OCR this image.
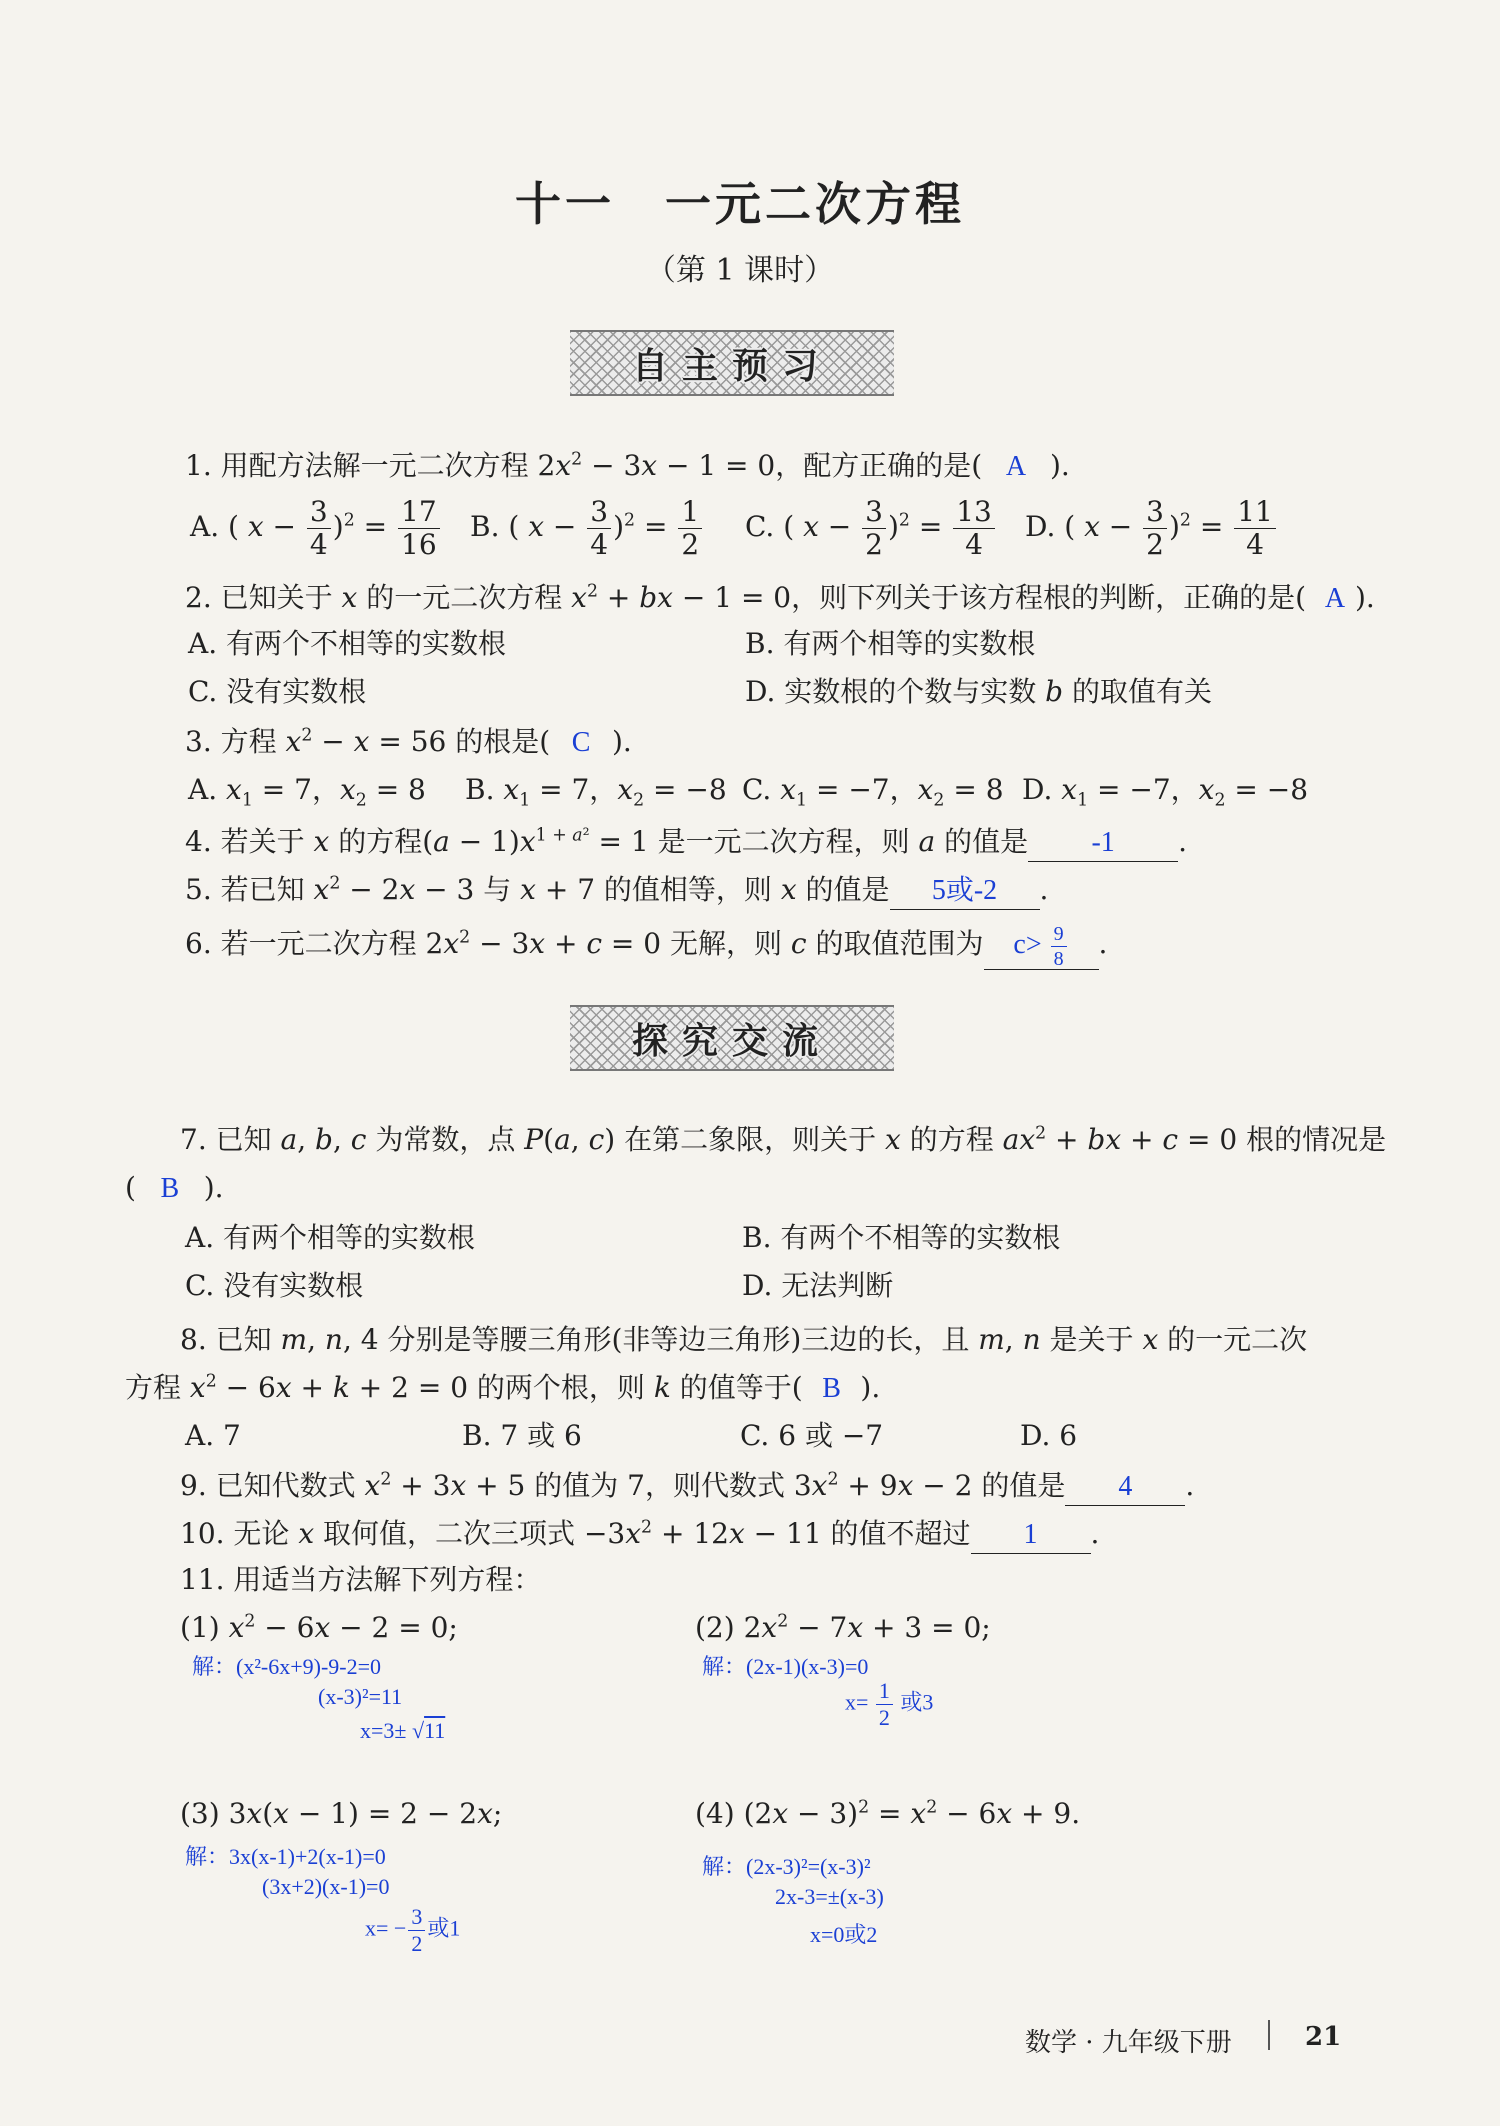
十一　一元二次方程
（第 1 课时）
自主预习
1. 用配方法解一元二次方程 $2x^2 - 3x - 1 = 0$，配方正确的是( A ).
A. ( $x - \frac{3}{4} )^2 = \frac{17}{16} B$. ( $x - \frac{3}{4} )^2 = \frac{1}{2} C$. ( $x - \frac{3}{2} )^2 = \frac{13}{4} D$. ( $x - \frac{3}{2} )^2 = \frac{11}{4}$
2. 已知关于 x 的一元二次方程 $x^2$ + bx − 1 = 0，则下列关于该方程根的判断，正确的是( A ).
A. 有两个不相等的实数根	B. 有两个相等的实数根
C. 没有实数根	D. 实数根的个数与实数 b 的取值有关
3. 方程 $x^2 - x = 56$ 的根是( C ).
A. $x_1 = 7$，$x_2 = 8$ B. $x_1 = 7$，$x_2 = -8$ C. $x_1 = -7$，$x_2 = 8$ D. $x_1 = -7$，$x_2 = -8$
4. 若关于 x 的方程$(a - 1)x^{1 + a^2} = 1$ 是一元二次方程，则 a 的值是 -1 .
5. 若已知 $x^2 - 2x - 3$ 与 x + 7 的值相等，则 x 的值是 5或-2 .
6. 若一元二次方程 $2x^2 - 3x + c = 0$ 无解，则 c 的取值范围为 $c> \frac{9}{8}$ .
探究交流
7. 已知 a, b, c 为常数，点 P(a, c) 在第二象限，则关于 x 的方程 $ax^2$ + bx + c = 0 根的情况是
( B ).
A. 有两个相等的实数根	B. 有两个不相等的实数根
C. 没有实数根	D. 无法判断
8. 已知 m, n, 4 分别是等腰三角形(非等边三角形)三边的长，且 m, n 是关于 x 的一元二次
方程 $x^2 - 6x + k + 2 = 0$ 的两个根，则 k 的值等于( B ).
A. 7	B. 7 或 6	C. 6 或 −7	D. 6
9. 已知代数式 $x^2 + 3x + 5$ 的值为 7，则代数式 $3x^2 + 9x - 2$ 的值是 4 .
10. 无论 x 取何值，二次三项式 $-3x^2 + 12x - 11$ 的值不超过 1 .
11. 用适当方法解下列方程：
(1) $x^2 - 6x - 2 = 0$;
解：(x²-6x+9)-9-2=0
(x-3)²=11
x=3± √11
(2) $2x^2 - 7x + 3 = 0$;
解：(2x-1)(x-3)=0
$x= \frac{1}{2}$ 或3
(3) 3x(x − 1) = 2 − 2x;
解：3x(x-1)+2(x-1)=0
(3x+2)(x-1)=0
$x= - \frac{3}{2}$ 或1
(4) $(2x - 3)^2 = x^2 - 6x + 9$.
解：(2x-3)²=(x-3)²
2x-3=±(x-3)
x=0或2
数学 · 九年级下册	21
